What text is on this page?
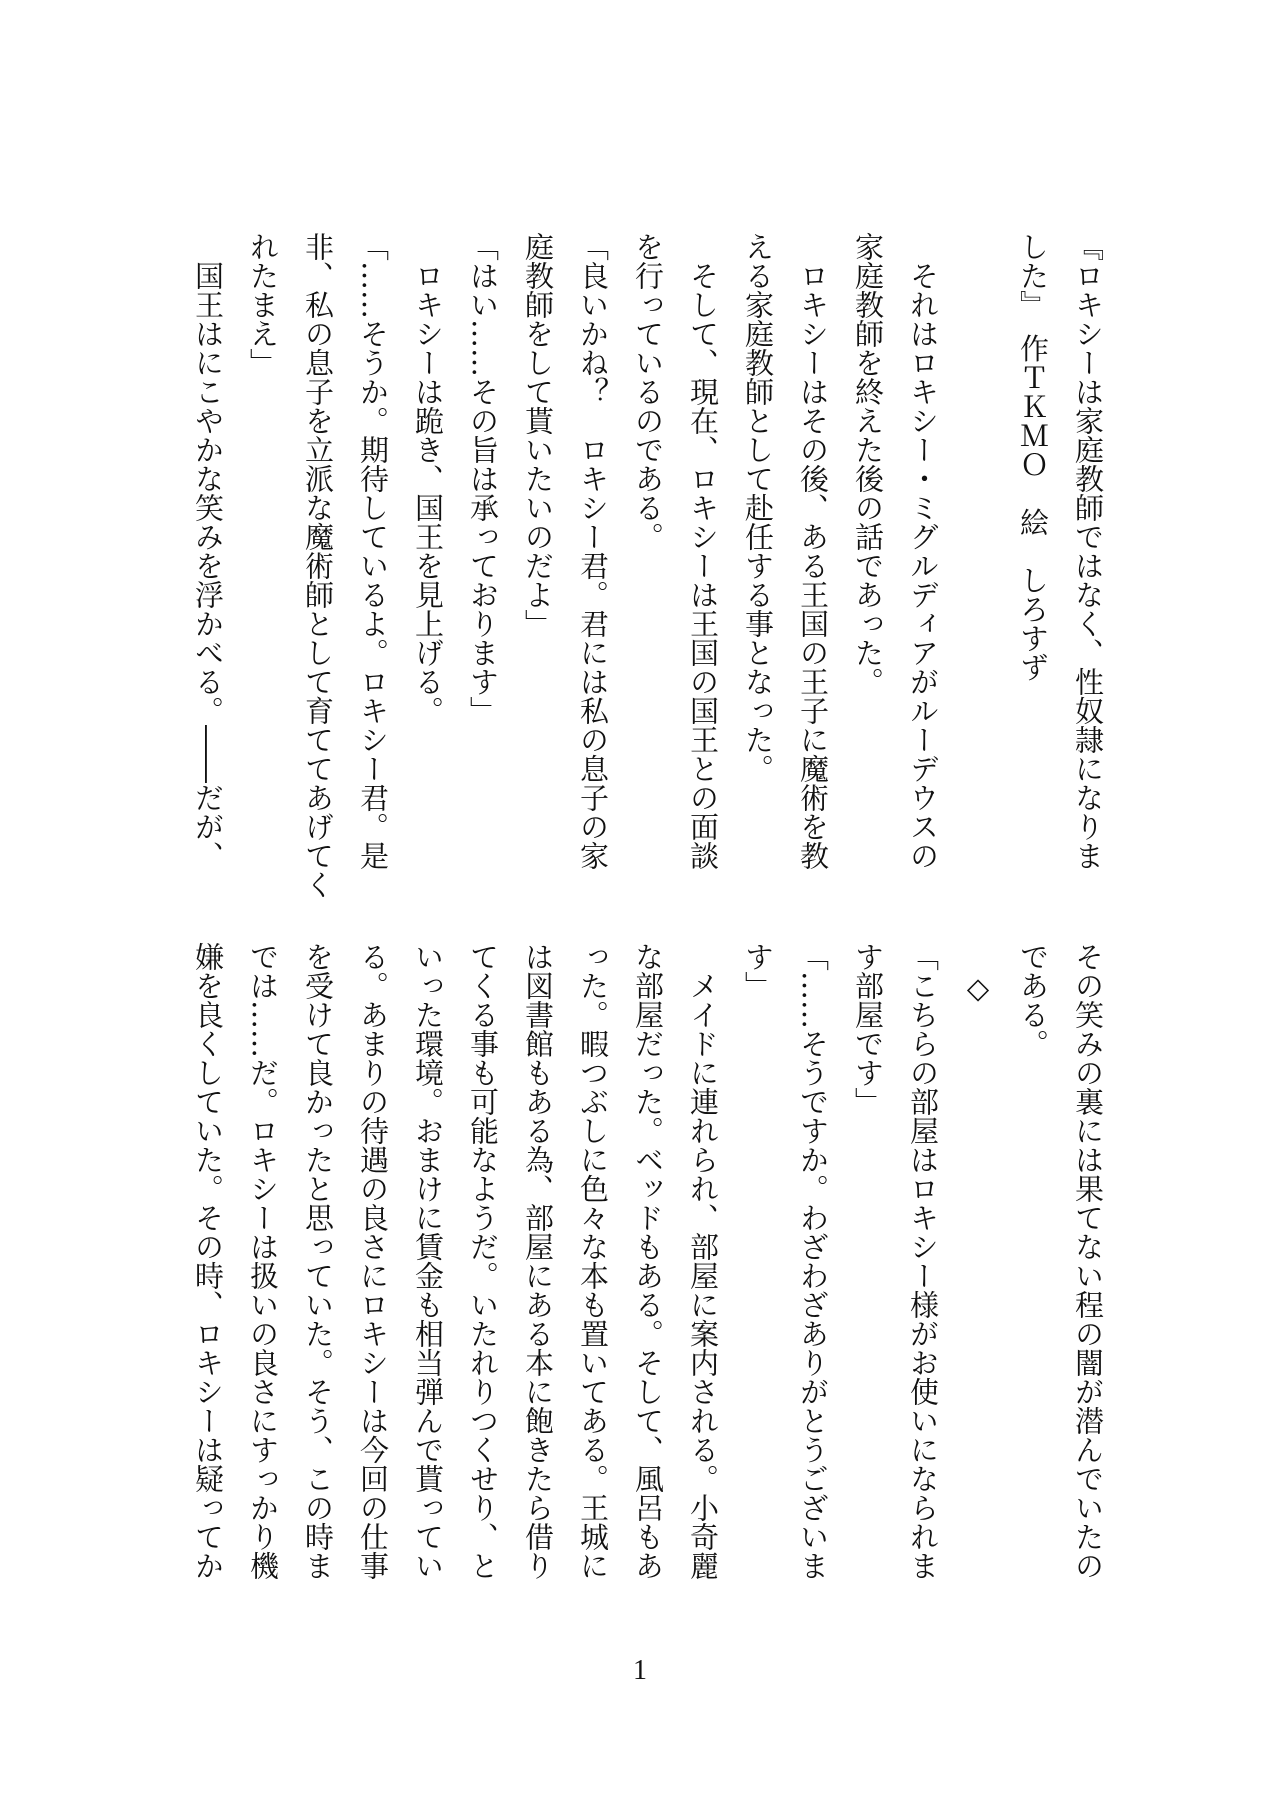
『ロキシーは家庭教師ではなく、性奴隷になりま

した』　作ＴＫＭＯ　絵　しろすず

　それはロキシー・ミグルディアがルーデウスの

家庭教師を終えた後の話であった。

　ロキシーはその後、ある王国の王子に魔術を教

える家庭教師として赴任する事となった。

　そして、現在、ロキシーは王国の国王との面談

を行っているのである。

「良いかね？　ロキシー君。君には私の息子の家

庭教師をして貰いたいのだよ」

「はい……その旨は承っております」

　ロキシーは跪き、国王を見上げる。

「……そうか。期待しているよ。ロキシー君。是

非、私の息子を立派な魔術師として育ててあげてく

れたまえ」

　国王はにこやかな笑みを浮かべる。――だが、

その笑みの裏には果てない程の闇が潜んでいたの

である。

　◇

「こちらの部屋はロキシー様がお使いになられま

す部屋です」

「……そうですか。わざわざありがとうございま

す」

　メイドに連れられ、部屋に案内される。小奇麗

な部屋だった。ベッドもある。そして、風呂もあ

った。暇つぶしに色々な本も置いてある。王城に

は図書館もある為、部屋にある本に飽きたら借り

てくる事も可能なようだ。いたれりつくせり、と

いった環境。おまけに賃金も相当弾んで貰ってい

る。あまりの待遇の良さにロキシーは今回の仕事

を受けて良かったと思っていた。そう、この時ま

では……だ。ロキシーは扱いの良さにすっかり機

嫌を良くしていた。その時、ロキシーは疑ってか

1
